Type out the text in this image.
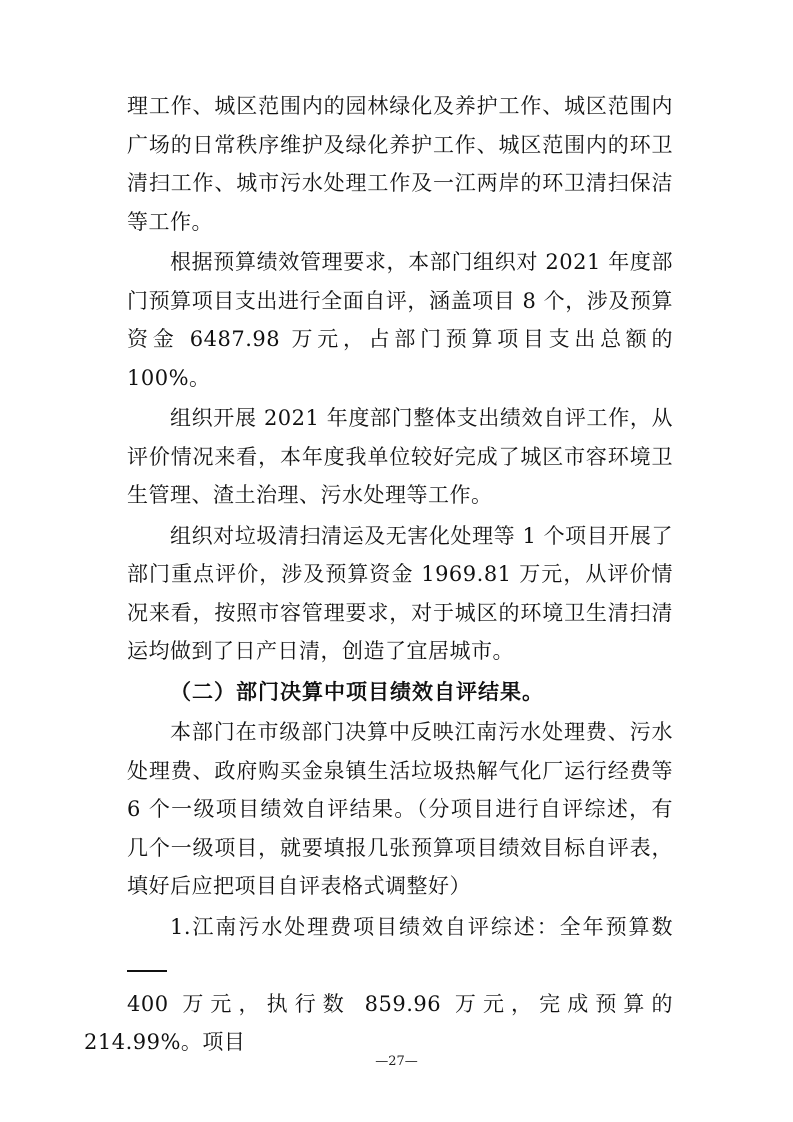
理工作、城区范围内的园林绿化及养护工作、城区范围内广场的日常秩序维护及绿化养护工作、城区范围内的环卫清扫工作、城市污水处理工作及一江两岸的环卫清扫保洁等工作。

根据预算绩效管理要求，本部门组织对 2021 年度部门预算项目支出进行全面自评，涵盖项目 8 个，涉及预算资金 6487.98 万元，占部门预算项目支出总额的 100%。

组织开展 2021 年度部门整体支出绩效自评工作，从评价情况来看，本年度我单位较好完成了城区市容环境卫生管理、渣土治理、污水处理等工作。

组织对垃圾清扫清运及无害化处理等 1 个项目开展了部门重点评价，涉及预算资金 1969.81 万元，从评价情况来看，按照市容管理要求，对于城区的环境卫生清扫清运均做到了日产日清，创造了宜居城市。

（二）部门决算中项目绩效自评结果。

本部门在市级部门决算中反映江南污水处理费、污水处理费、政府购买金泉镇生活垃圾热解气化厂运行经费等 6 个一级项目绩效自评结果。（分项目进行自评综述，有几个一级项目，就要填报几张预算项目绩效目标自评表，填好后应把项目自评表格式调整好）

1.江南污水处理费项目绩效自评综述：全年预算数
400 万元，执行数 859.96 万元，完成预算的 214.99%。项目

—27—
